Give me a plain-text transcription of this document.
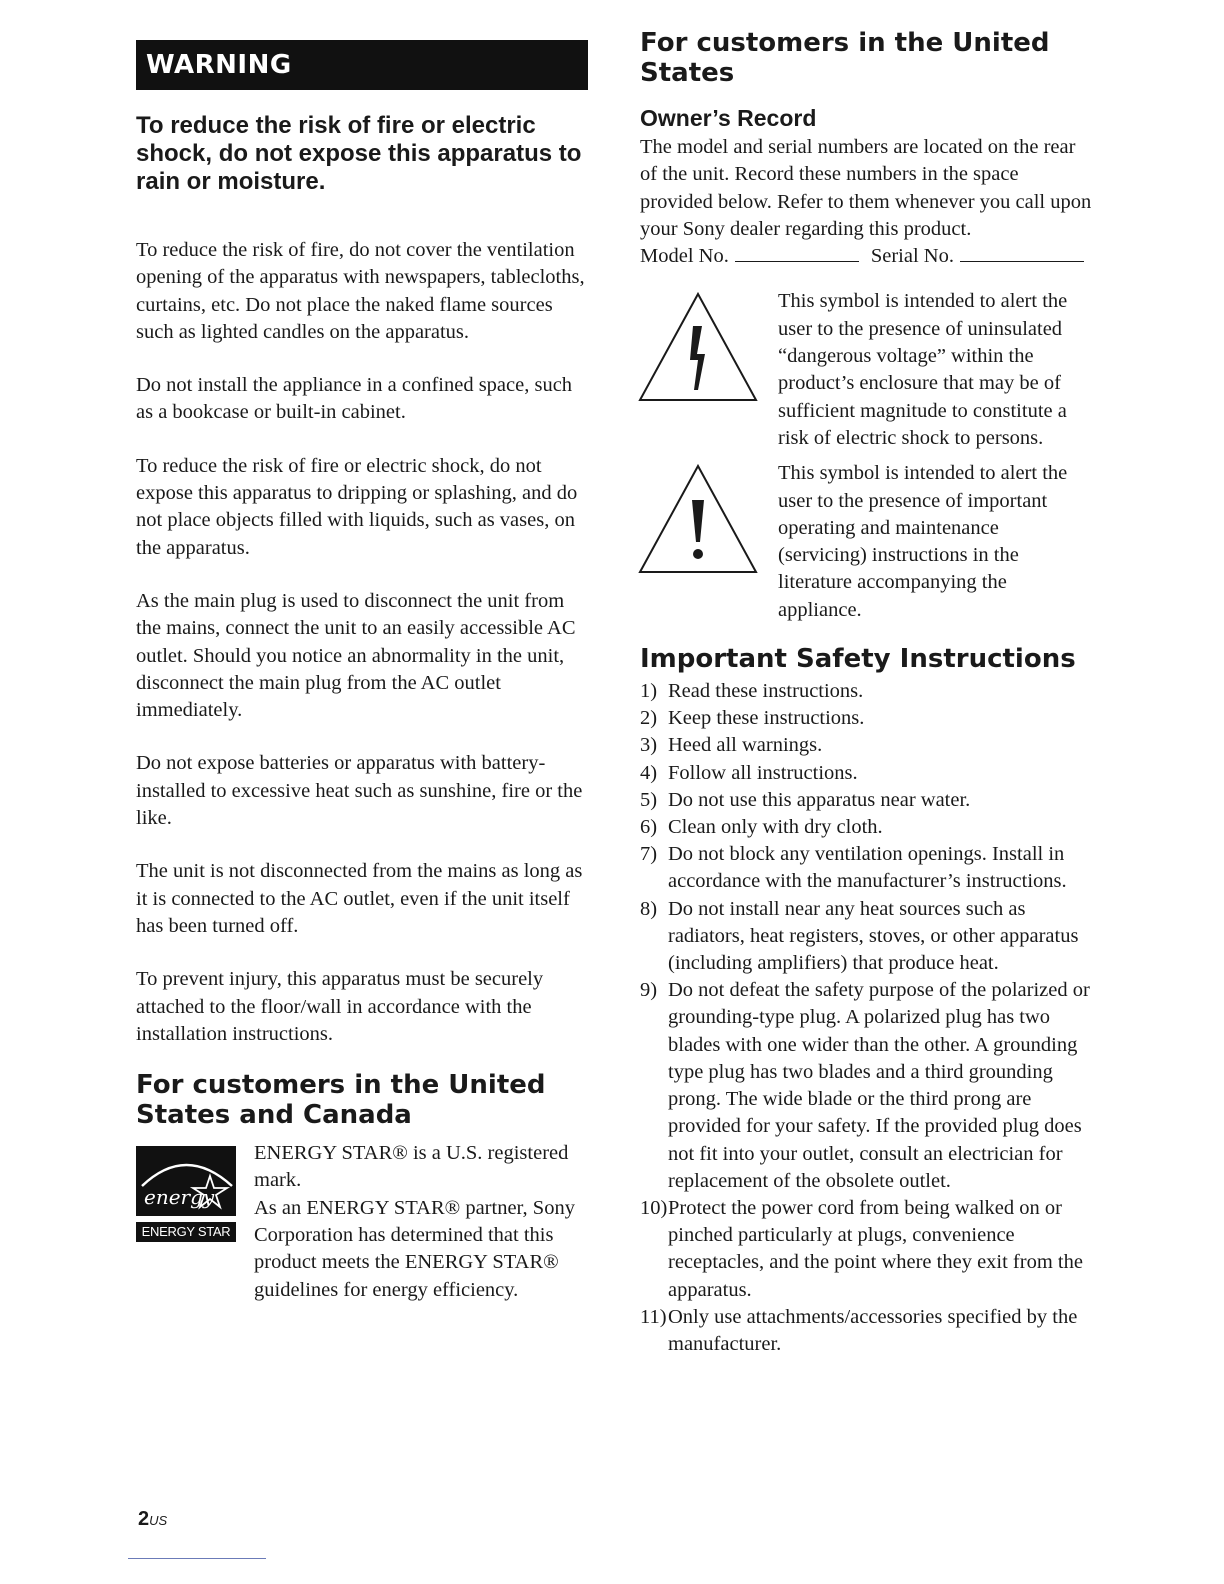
WARNING

To reduce the risk of fire or electric shock, do not expose this apparatus to rain or moisture.

To reduce the risk of fire, do not cover the ventilation opening of the apparatus with newspapers, tablecloths, curtains, etc. Do not place the naked flame sources such as lighted candles on the apparatus.

Do not install the appliance in a confined space, such as a bookcase or built-in cabinet.

To reduce the risk of fire or electric shock, do not expose this apparatus to dripping or splashing, and do not place objects filled with liquids, such as vases, on the apparatus.

As the main plug is used to disconnect the unit from the mains, connect the unit to an easily accessible AC outlet. Should you notice an abnormality in the unit, disconnect the main plug from the AC outlet immediately.

Do not expose batteries or apparatus with battery-installed to excessive heat such as sunshine, fire or the like.

The unit is not disconnected from the mains as long as it is connected to the AC outlet, even if the unit itself has been turned off.

To prevent injury, this apparatus must be securely attached to the floor/wall in accordance with the installation instructions.

For customers in the United States and Canada
energy
ENERGY STAR

ENERGY STAR® is a U.S. registered mark.

As an ENERGY STAR® partner, Sony Corporation has determined that this product meets the ENERGY STAR® guidelines for energy efficiency.

For customers in the United States
Owner’s Record

The model and serial numbers are located on the rear of the unit. Record these numbers in the space provided below. Refer to them whenever you call upon your Sony dealer regarding this product.

Model No.	Serial No.

This symbol is intended to alert the user to the presence of uninsulated “dangerous voltage” within the product’s enclosure that may be of sufficient magnitude to constitute a risk of electric shock to persons.

This symbol is intended to alert the user to the presence of important operating and maintenance (servicing) instructions in the literature accompanying the appliance.

Important Safety Instructions
1) Read these instructions.
2) Keep these instructions.
3) Heed all warnings.
4) Follow all instructions.
5) Do not use this apparatus near water.
6) Clean only with dry cloth.
7) Do not block any ventilation openings. Install in accordance with the manufacturer’s instructions.
8) Do not install near any heat sources such as radiators, heat registers, stoves, or other apparatus (including amplifiers) that produce heat.
9) Do not defeat the safety purpose of the polarized or grounding-type plug. A polarized plug has two blades with one wider than the other. A grounding type plug has two blades and a third grounding prong. The wide blade or the third prong are provided for your safety. If the provided plug does not fit into your outlet, consult an electrician for replacement of the obsolete outlet.
10) Protect the power cord from being walked on or pinched particularly at plugs, convenience receptacles, and the point where they exit from the apparatus.
11) Only use attachments/accessories specified by the manufacturer.
2US
